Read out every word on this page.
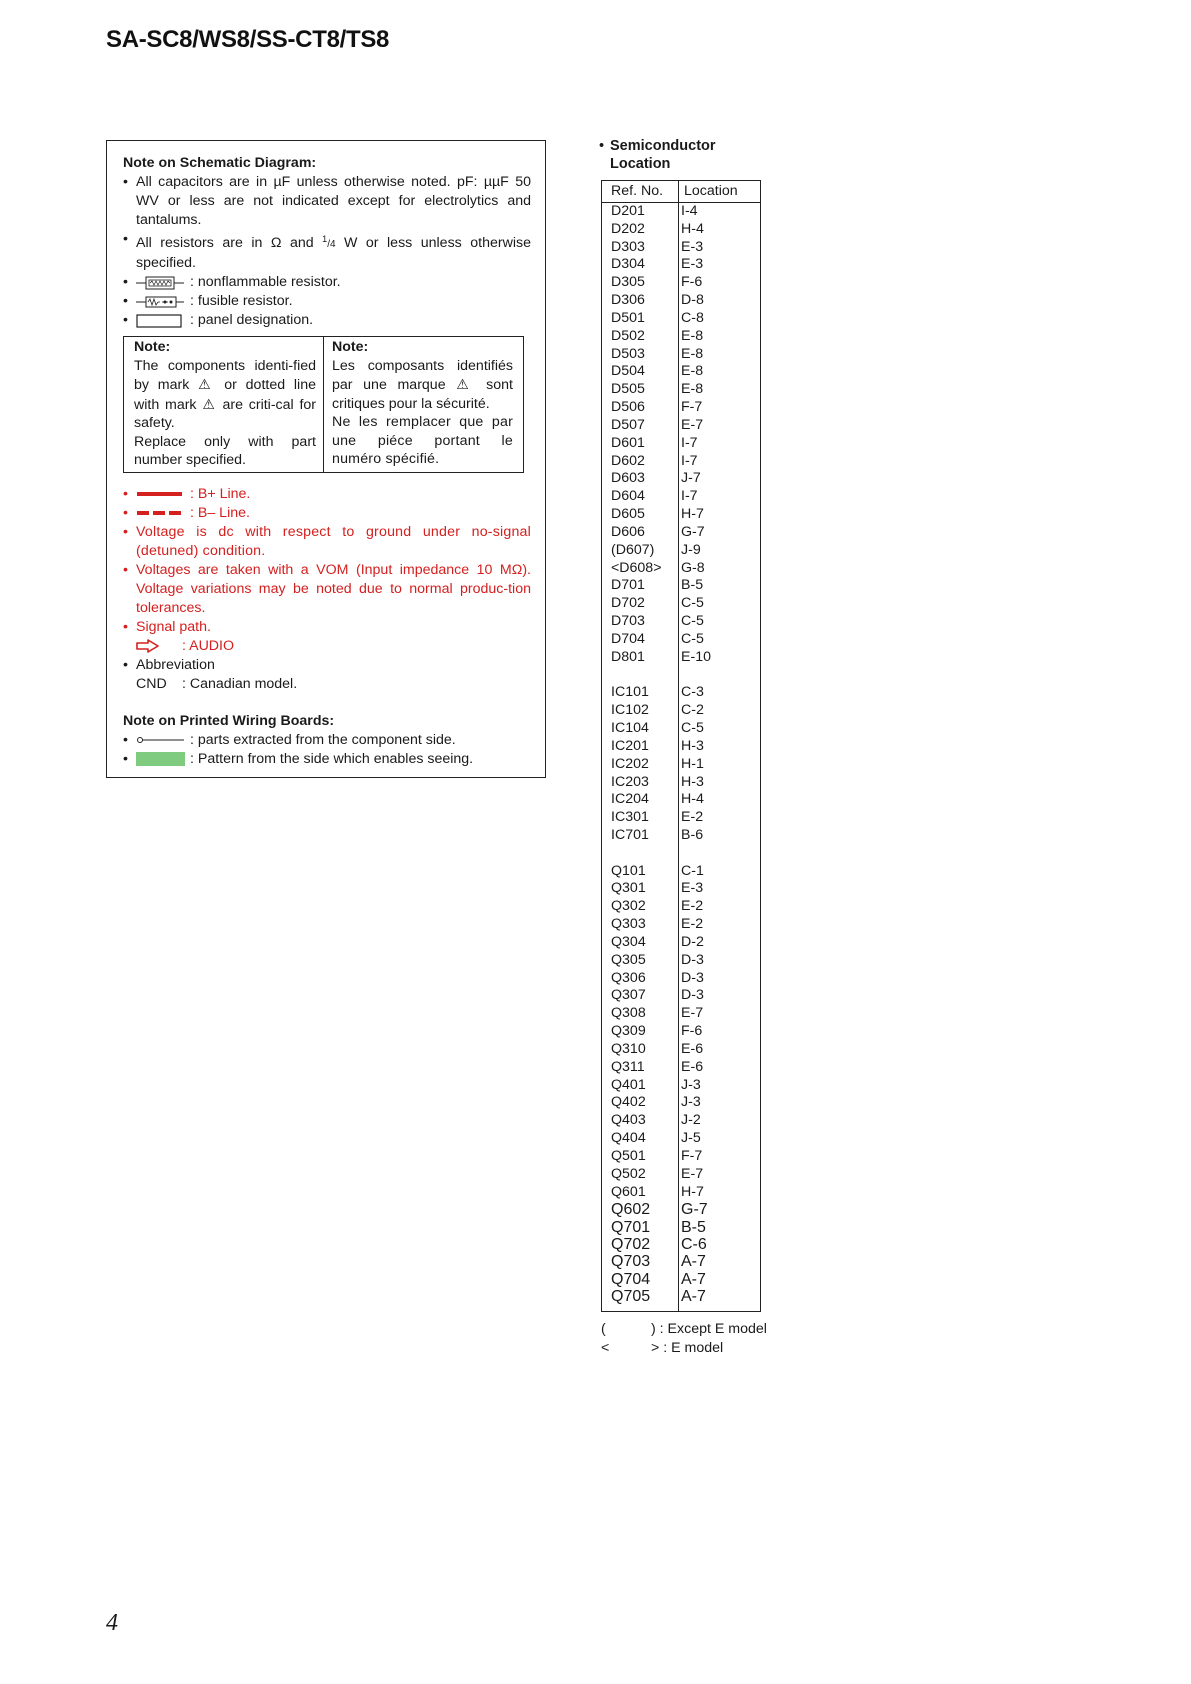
SA-SC8/WS8/SS-CT8/TS8
Note on Schematic Diagram:
• All capacitors are in µF unless otherwise noted. pF: µµF 50 WV or less are not indicated except for electrolytics and tantalums.
• All resistors are in Ω and $^1$/4 W or less unless otherwise specified.
•	: nonflammable resistor.
•	: fusible resistor.
•	: panel designation.
Note:
The components identi-fied by mark ⚠ or dotted line with mark ⚠ are criti-cal for safety.
Replace only with part number specified.

Note:
Les composants identifiés par une marque ⚠ sont critiques pour la sécurité.
Ne les remplacer que par une piéce portant le numéro spécifié.
•	: B+ Line.
•	: B– Line.
• Voltage is dc with respect to ground under no-signal (detuned) condition.
• Voltages are taken with a VOM (Input impedance 10 MΩ). Voltage variations may be noted due to normal produc-tion tolerances.
• Signal path.
: AUDIO
• Abbreviation
CND	: Canadian model.
Note on Printed Wiring Boards:
•	: parts extracted from the component side.
•	: Pattern from the side which enables seeing.
• Semiconductor
Location
Ref. No.	Location
D201	I-4
D202	H-4
D303	E-3
D304	E-3
D305	F-6
D306	D-8
D501	C-8
D502	E-8
D503	E-8
D504	E-8
D505	E-8
D506	F-7
D507	E-7
D601	I-7
D602	I-7
D603	J-7
D604	I-7
D605	H-7
D606	G-7
(D607)	J-9
<D608>	G-8
D701	B-5
D702	C-5
D703	C-5
D704	C-5
D801	E-10
IC101	C-3
IC102	C-2
IC104	C-5
IC201	H-3
IC202	H-1
IC203	H-3
IC204	H-4
IC301	E-2
IC701	B-6
Q101	C-1
Q301	E-3
Q302	E-2
Q303	E-2
Q304	D-2
Q305	D-3
Q306	D-3
Q307	D-3
Q308	E-7
Q309	F-6
Q310	E-6
Q311	E-6
Q401	J-3
Q402	J-3
Q403	J-2
Q404	J-5
Q501	F-7
Q502	E-7
Q601	H-7
Q602	G-7
Q701	B-5
Q702	C-6
Q703	A-7
Q704	A-7
Q705	A-7
(	) : Except E model
<	> : E model
4
